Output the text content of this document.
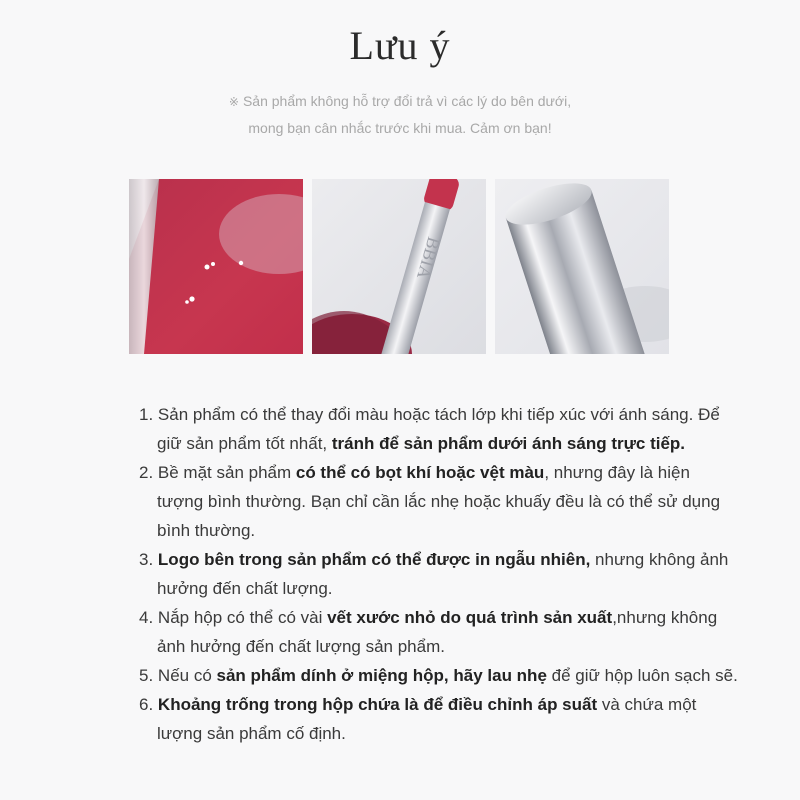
Lưu ý
※ Sản phẩm không hỗ trợ đổi trả vì các lý do bên dưới,
mong bạn cân nhắc trước khi mua. Cảm ơn bạn!
BBIA
1. Sản phẩm có thể thay đổi màu hoặc tách lớp khi tiếp xúc với ánh sáng. Để giữ sản phẩm tốt nhất, tránh để sản phẩm dưới ánh sáng trực tiếp.
2. Bề mặt sản phẩm có thể có bọt khí hoặc vệt màu, nhưng đây là hiện tượng bình thường. Bạn chỉ cần lắc nhẹ hoặc khuấy đều là có thể sử dụng bình thường.
3. Logo bên trong sản phẩm có thể được in ngẫu nhiên, nhưng không ảnh hưởng đến chất lượng.
4. Nắp hộp có thể có vài vết xước nhỏ do quá trình sản xuất,nhưng không ảnh hưởng đến chất lượng sản phẩm.
5. Nếu có sản phẩm dính ở miệng hộp, hãy lau nhẹ để giữ hộp luôn sạch sẽ.
6. Khoảng trống trong hộp chứa là để điều chỉnh áp suất và chứa một lượng sản phẩm cố định.
